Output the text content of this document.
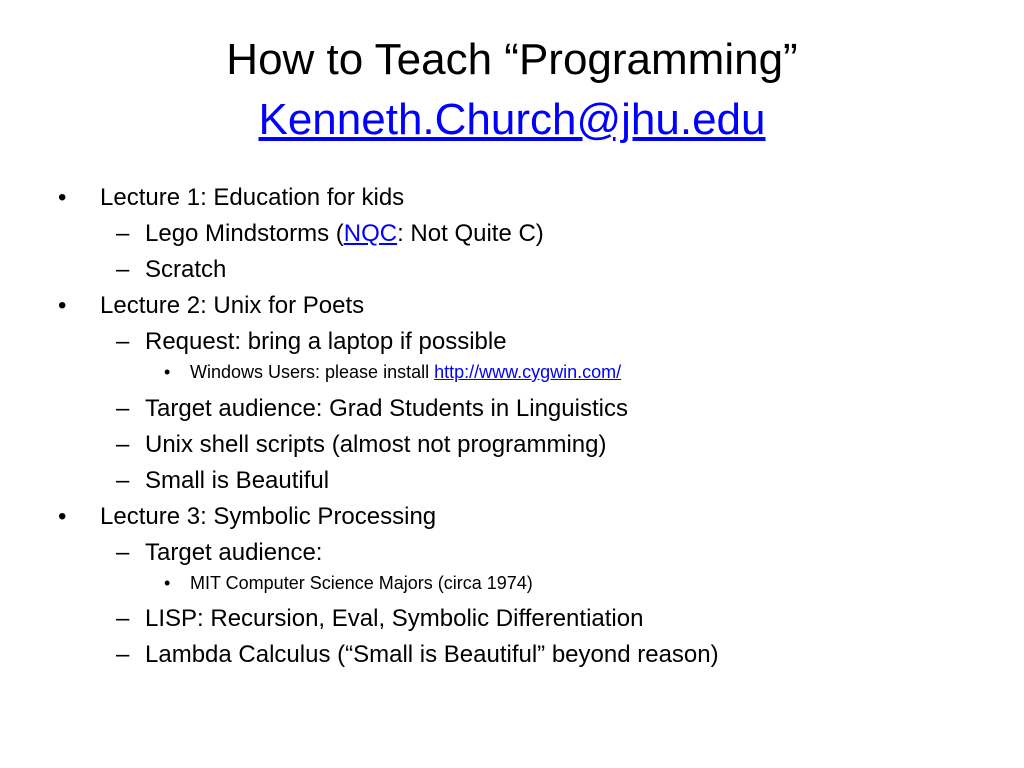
How to Teach “Programming”
Kenneth.Church@jhu.edu
• Lecture 1: Education for kids
– Lego Mindstorms (NQC: Not Quite C)
– Scratch
• Lecture 2: Unix for Poets
– Request: bring a laptop if possible
• Windows Users: please install http://www.cygwin.com/
– Target audience: Grad Students in Linguistics
– Unix shell scripts (almost not programming)
– Small is Beautiful
• Lecture 3: Symbolic Processing
– Target audience:
• MIT Computer Science Majors (circa 1974)
– LISP: Recursion, Eval, Symbolic Differentiation
– Lambda Calculus (“Small is Beautiful” beyond reason)
